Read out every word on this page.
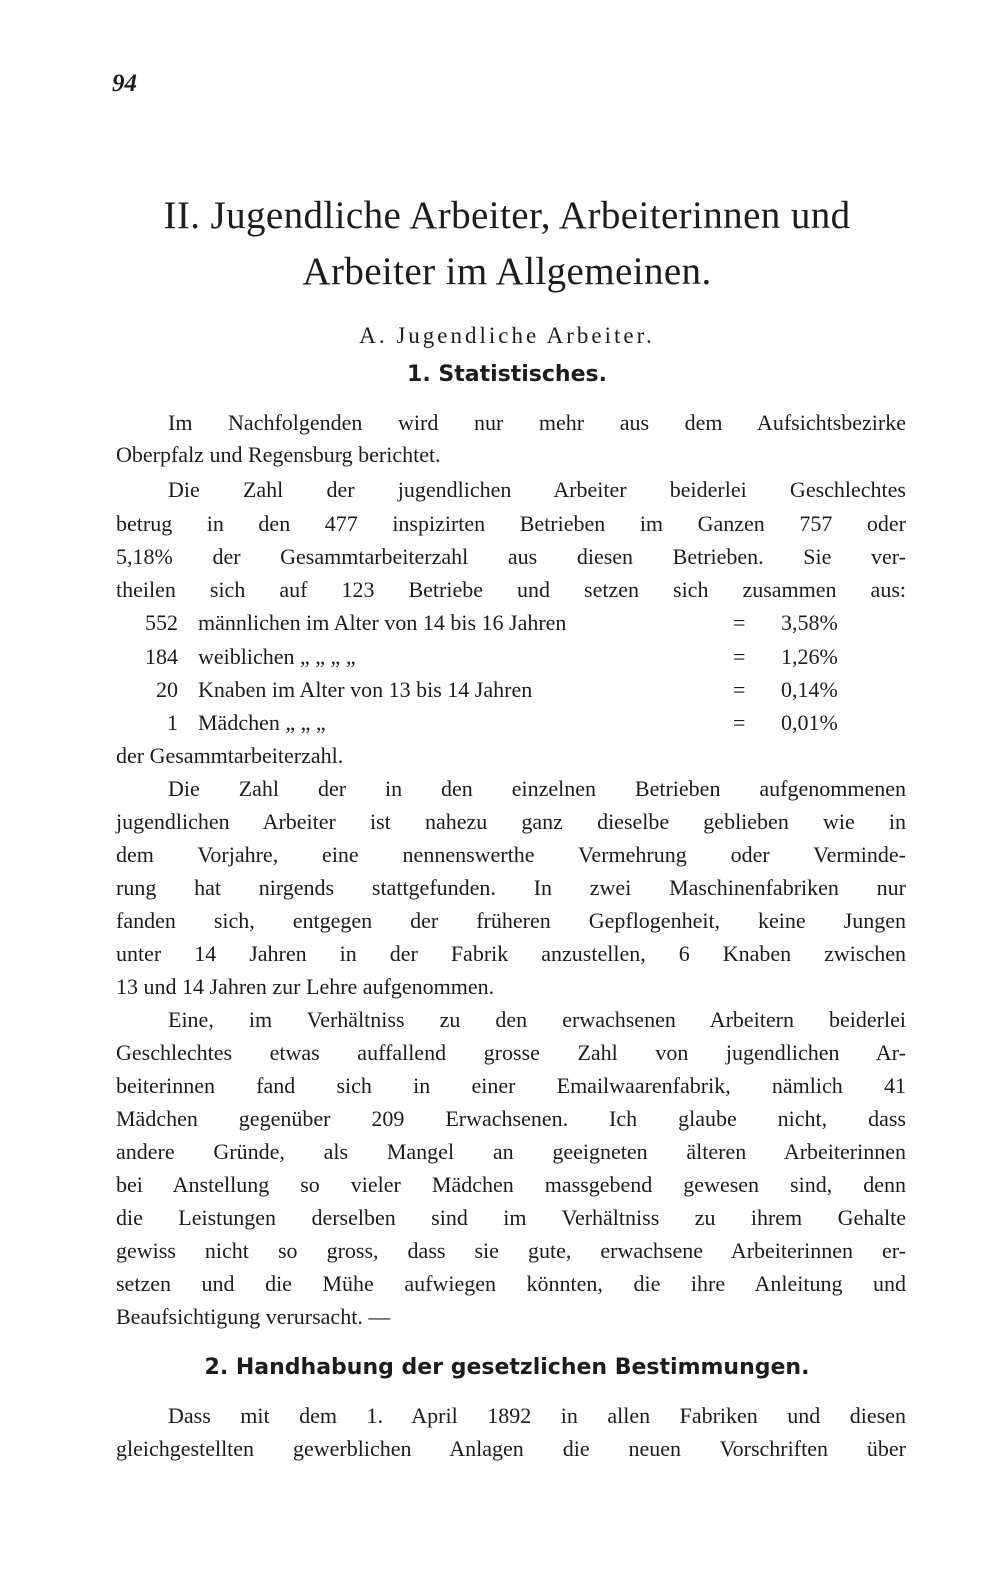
94
II. Jugendliche Arbeiter, Arbeiterinnen und
Arbeiter im Allgemeinen.
A. Jugendliche Arbeiter.
1. Statistisches.
Im Nachfolgenden wird nur mehr aus dem Aufsichtsbezirke
Oberpfalz und Regensburg berichtet.
Die Zahl der jugendlichen Arbeiter beiderlei Geschlechtes
betrug in den 477 inspizirten Betrieben im Ganzen 757 oder
5,18% der Gesammtarbeiterzahl aus diesen Betrieben. Sie ver-
theilen sich auf 123 Betriebe und setzen sich zusammen aus:
552 männlichen im Alter von 14 bis 16 Jahren	= 3,58%
184 weiblichen „ „ „ „	= 1,26%
20 Knaben im Alter von 13 bis 14 Jahren	= 0,14%
1 Mädchen „ „ „	= 0,01%
der Gesammtarbeiterzahl.
Die Zahl der in den einzelnen Betrieben aufgenommenen
jugendlichen Arbeiter ist nahezu ganz dieselbe geblieben wie in
dem Vorjahre, eine nennenswerthe Vermehrung oder Verminde-
rung hat nirgends stattgefunden. In zwei Maschinenfabriken nur
fanden sich, entgegen der früheren Gepflogenheit, keine Jungen
unter 14 Jahren in der Fabrik anzustellen, 6 Knaben zwischen
13 und 14 Jahren zur Lehre aufgenommen.
Eine, im Verhältniss zu den erwachsenen Arbeitern beiderlei
Geschlechtes etwas auffallend grosse Zahl von jugendlichen Ar-
beiterinnen fand sich in einer Emailwaarenfabrik, nämlich 41
Mädchen gegenüber 209 Erwachsenen. Ich glaube nicht, dass
andere Gründe, als Mangel an geeigneten älteren Arbeiterinnen
bei Anstellung so vieler Mädchen massgebend gewesen sind, denn
die Leistungen derselben sind im Verhältniss zu ihrem Gehalte
gewiss nicht so gross, dass sie gute, erwachsene Arbeiterinnen er-
setzen und die Mühe aufwiegen könnten, die ihre Anleitung und
Beaufsichtigung verursacht. —
2. Handhabung der gesetzlichen Bestimmungen.
Dass mit dem 1. April 1892 in allen Fabriken und diesen
gleichgestellten gewerblichen Anlagen die neuen Vorschriften über
